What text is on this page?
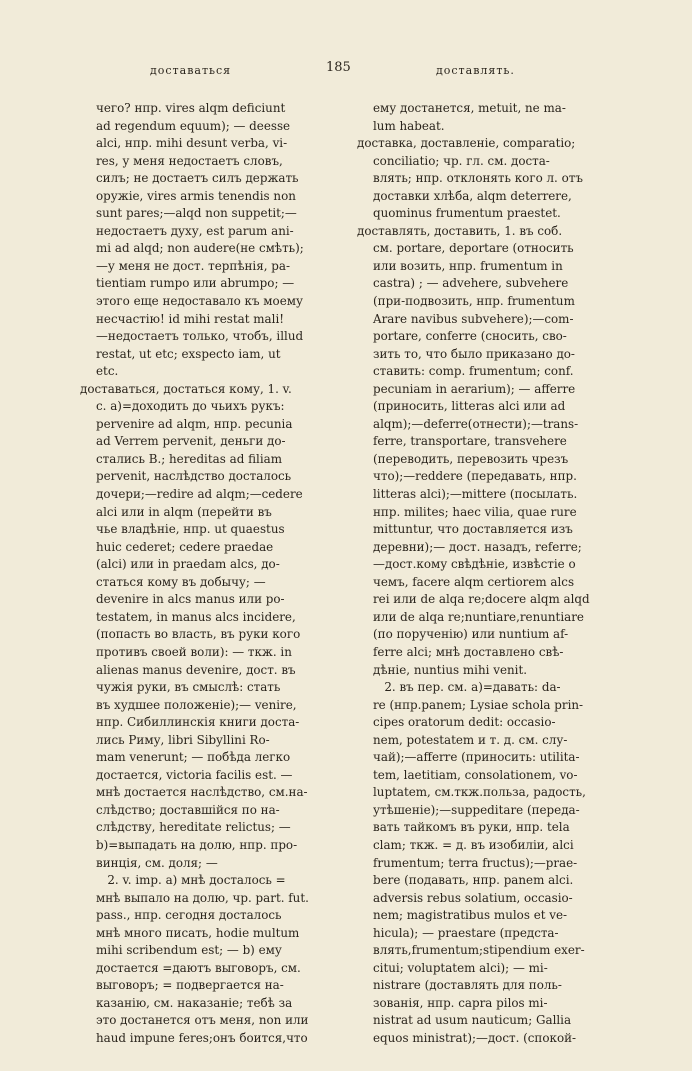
доставаться	185	доставлять.
чего? нпр. vires alqm deficiunt
ad regendum equum); — deesse
alci, нпр. mihi desunt verba, vi-
res, у меня недостаетъ словъ,
силъ; не достаетъ силъ держать
оружіе, vires armis tenendis non
sunt pares;—alqd non suppetit;—
недостаетъ духу, est parum ani-
mi ad alqd; non audere(не смѣть);
—у меня не дост. терпѣнія, pa-
tientiam rumpo или abrumpo; —
этого еще недоставало къ моему
несчастію! id mihi restat mali!
—недостаетъ только, чтобъ, illud
restat, ut etc; exspecto iam, ut
etc.
доставаться, достаться кому, 1. v.
c. a)=доходить до чьихъ рукъ:
pervenire ad alqm, нпр. pecunia
ad Verrem pervenit, деньги до-
стались В.; hereditas ad filiam
pervenit, наслѣдство досталось
дочери;—redire ad alqm;—cedere
alci или in alqm (перейти въ
чье владѣніе, нпр. ut quaestus
huic cederet; cedere praedae
(alci) или in praedam alcs, до-
статься кому въ добычу; —
devenire in alcs manus или po-
testatem, in manus alcs incidere,
(попасть во власть, въ руки кого
противъ своей воли): — ткж. in
alienas manus devenire, дост. въ
чужія руки, въ смыслѣ: стать
въ худшее положеніе);— venire,
нпр. Сибиллинскія книги доста-
лись Риму, libri Sibyllini Ro-
mam venerunt; — побѣда легко
достается, victoria facilis est. —
мнѣ достается наслѣдство, см.на-
слѣдство; доставшійся по на-
слѣдству, hereditate relictus; —
b)=выпадать на долю, нпр. про-
винція, см. доля; —
2. v. imp. a) мнѣ досталось =
мнѣ выпало на долю, чр. part. fut.
pass., нпр. сегодня досталось
мнѣ много писать, hodie multum
mihi scribendum est; — b) ему
достается =даютъ выговоръ, см.
выговоръ; = подвергается на-
казанію, см. наказаніе; тебѣ за
это достанется отъ меня, non или
haud impune feres;онъ боится,что
ему достанется, metuit, ne ma-
lum habeat.
доставка, доставленіе, comparatio;
conciliatio; чр. гл. см. доста-
влять; нпр. отклонять кого л. отъ
доставки хлѣба, alqm deterrere,
quominus frumentum praestet.
доставлять, доставить, 1. въ соб.
см. portare, deportare (относить
или возить, нпр. frumentum in
castra) ; — advehere, subvehere
(при-подвозить, нпр. frumentum
Arare navibus subvehere);—com-
portare, conferre (сносить, сво-
зить то, что было приказано до-
ставить: comp. frumentum; conf.
pecuniam in aerarium); — afferre
(приносить, litteras alci или ad
alqm);—deferre(отнести);—trans-
ferre, transportare, transvehere
(переводить, перевозить чрезъ
что);—reddere (передавать, нпр.
litteras alci);—mittere (посылать.
нпр. milites; haec vilia, quae rure
mittuntur, что доставляется изъ
деревни);— дост. назадъ, referre;
—дост.кому свѣдѣніе, извѣстіе о
чемъ, facere alqm certiorem alcs
rei или de alqa re;docere alqm alqd
или de alqa re;nuntiare,renuntiare
(по порученію) или nuntium af-
ferre alci; мнѣ доставлено свѣ-
дѣніе, nuntius mihi venit.
2. въ пер. см. a)=давать: da-
re (нпр.panem; Lysiae schola prin-
cipes oratorum dedit: occasio-
nem, potestatem и т. д. см. слу-
чай);—afferre (приносить: utilita-
tem, laetitiam, consolationem, vo-
luptatem, см.ткж.польза, радость,
утѣшеніе);—suppeditare (переда-
вать тайкомъ въ руки, нпр. tela
clam; ткж. = д. въ изобиліи, alci
frumentum; terra fructus);—prae-
bere (подавать, нпр. panem alci.
adversis rebus solatium, occasio-
nem; magistratibus mulos et ve-
hicula); — praestare (предста-
влять,frumentum;stipendium exer-
citui; voluptatem alci); — mi-
nistrare (доставлять для поль-
зованія, нпр. capra pilos mi-
nistrat ad usum nauticum; Gallia
equos ministrat);—дост. (спокой-
